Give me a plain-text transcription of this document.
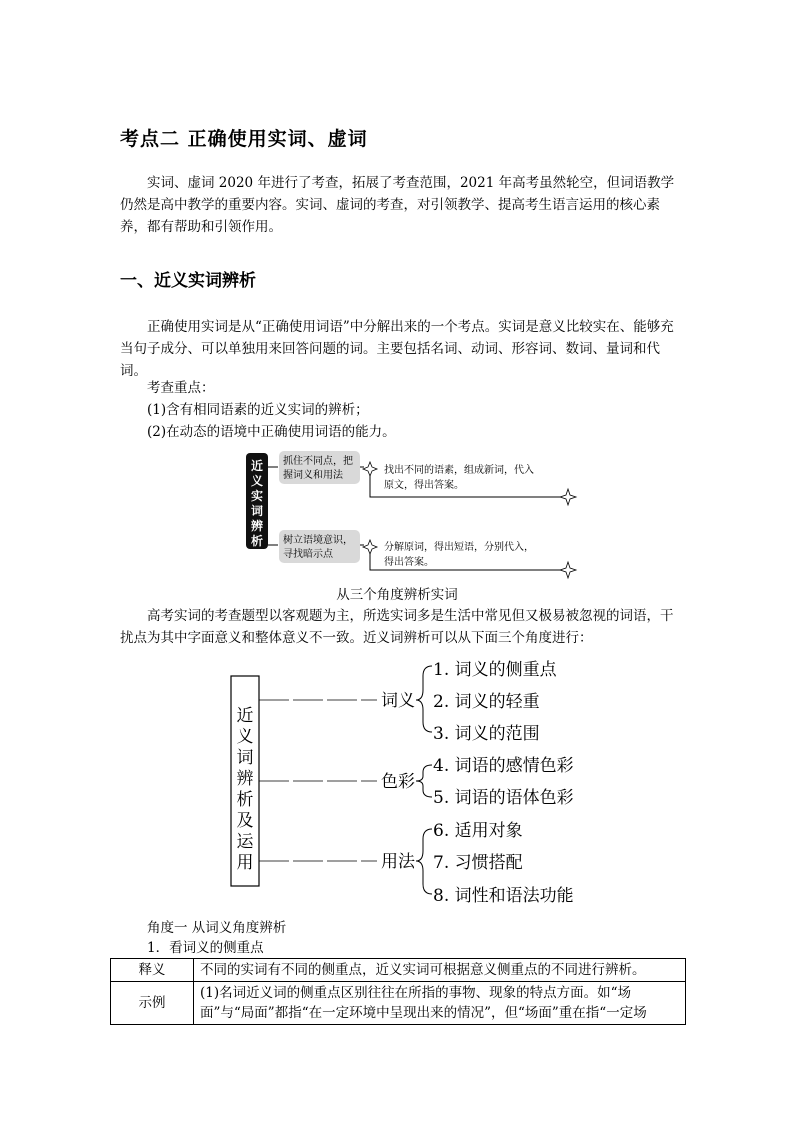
考点二 正确使用实词、虚词
实词、虚词 2020 年进行了考查，拓展了考查范围，2021 年高考虽然轮空，但词语教学仍然是高中教学的重要内容。实词、虚词的考查，对引领教学、提高考生语言运用的核心素养，都有帮助和引领作用。
一、近义实词辨析
正确使用实词是从“正确使用词语”中分解出来的一个考点。实词是意义比较实在、能够充当句子成分、可以单独用来回答问题的词。主要包括名词、动词、形容词、数词、量词和代词。
考查重点：
(1)含有相同语素的近义实词的辨析；
(2)在动态的语境中正确使用词语的能力。
近
义
实
词
辨
析
抓住不同点，把
握词义和用法	找出不同的语素，组成新词，代入
原文，得出答案。
树立语境意识，
寻找暗示点
分解原词，得出短语，分别代入，
得出答案。
从三个角度辨析实词
高考实词的考查题型以客观题为主，所选实词多是生活中常见但又极易被忽视的词语，干扰点为其中字面意义和整体意义不一致。近义词辨析可以从下面三个角度进行：
近
义
词
辨
析
及
运
用
词义
色彩
用法
1. 词义的侧重点
2. 词义的轻重
3. 词义的范围
4. 词语的感情色彩
5. 词语的语体色彩
6. 适用对象
7. 习惯搭配
8. 词性和语法功能
角度一 从词义角度辨析
1．看词义的侧重点
释义	不同的实词有不同的侧重点，近义实词可根据意义侧重点的不同进行辨析。
示例	(1)名词近义词的侧重点区别往往在所指的事物、现象的特点方面。如“场面”与“局面”都指“在一定环境中呈现出来的情况”，但“场面”重在指“一定场
